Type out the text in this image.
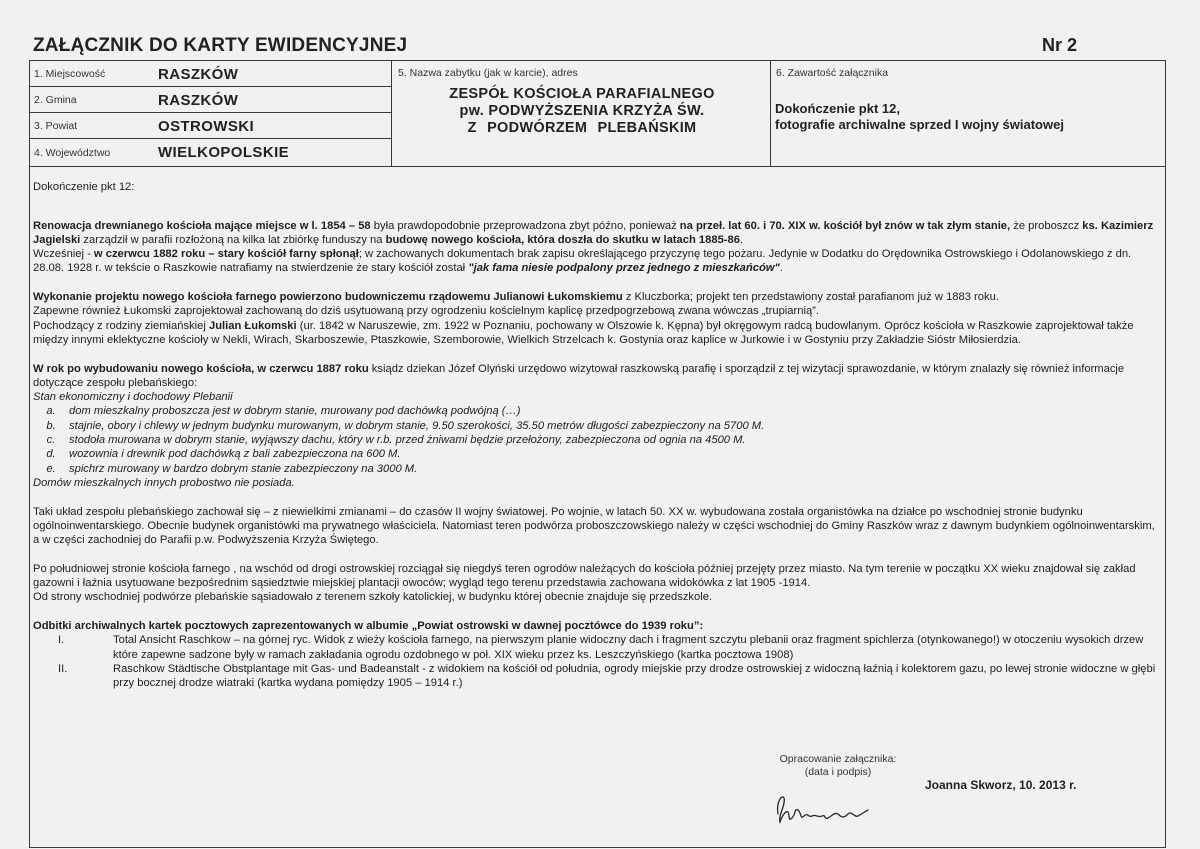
ZAŁĄCZNIK DO KARTY EWIDENCYJNEJ	Nr 2
1. Miejscowość	RASZKÓW
2. Gmina	RASZKÓW
3. Powiat	OSTROWSKI
4. Województwo	WIELKOPOLSKIE
5. Nazwa zabytku (jak w karcie), adres
ZESPÓŁ KOŚCIOŁA PARAFIALNEGO
pw. PODWYŻSZENIA KRZYŻA ŚW.
Z PODWÓRZEM PLEBAŃSKIM
6. Zawartość załącznika
Dokończenie pkt 12,
fotografie archiwalne sprzed I wojny światowej

Dokończenie pkt 12:

Renowacja drewnianego kościoła mające miejsce w l. 1854 – 58 była prawdopodobnie przeprowadzona zbyt późno, ponieważ na przeł. lat 60. i 70. XIX w. kościół był znów w tak złym stanie, że proboszcz ks. Kazimierz Jagielski zarządził w parafii rozłożoną na kilka lat zbiórkę funduszy na budowę nowego kościoła, która doszła do skutku w latach 1885-86.
Wcześniej - w czerwcu 1882 roku – stary kościół farny spłonął; w zachowanych dokumentach brak zapisu określającego przyczynę tego pożaru. Jedynie w Dodatku do Orędownika Ostrowskiego i Odolanowskiego z dn. 28.08. 1928 r. w tekście o Raszkowie natrafiamy na stwierdzenie że stary kościół został "jak fama niesie podpalony przez jednego z mieszkańców".

Wykonanie projektu nowego kościoła farnego powierzono budowniczemu rządowemu Julianowi Łukomskiemu z Kluczborka; projekt ten przedstawiony został parafianom już w 1883 roku.
Zapewne również Łukomski zaprojektował zachowaną do dziś usytuowaną przy ogrodzeniu kościelnym kaplicę przedpogrzebową zwana wówczas „trupiarnią”.
Pochodzący z rodziny ziemiańskiej Julian Łukomski (ur. 1842 w Naruszewie, zm. 1922 w Poznaniu, pochowany w Olszowie k. Kępna) był okręgowym radcą budowlanym. Oprócz kościoła w Raszkowie zaprojektował także między innymi eklektyczne kościoły w Nekli, Wirach, Skarboszewie, Ptaszkowie, Szemborowie, Wielkich Strzelcach k. Gostynia oraz kaplice w Jurkowie i w Gostyniu przy Zakładzie Sióstr Miłosierdzia.

W rok po wybudowaniu nowego kościoła, w czerwcu 1887 roku ksiądz dziekan Józef Olyński urzędowo wizytował raszkowską parafię i sporządził z tej wizytacji sprawozdanie, w którym znalazły się również informacje dotyczące zespołu plebańskiego:

Stan ekonomiczny i dochodowy Plebanii

a.	dom mieszkalny proboszcza jest w dobrym stanie, murowany pod dachówką podwójną (…)
b.	stajnie, obory i chlewy w jednym budynku murowanym, w dobrym stanie, 9.50 szerokości, 35.50 metrów długości zabezpieczony na 5700 M.
c.	stodoła murowana w dobrym stanie, wyjąwszy dachu, który w r.b. przed żniwami będzie przełożony, zabezpieczona od ognia na 4500 M.
d.	wozownia i drewnik pod dachówką z bali zabezpieczona na 600 M.
e.	spichrz murowany w bardzo dobrym stanie zabezpieczony na 3000 M.

Domów mieszkalnych innych probostwo nie posiada.

Taki układ zespołu plebańskiego zachował się – z niewielkimi zmianami – do czasów II wojny światowej. Po wojnie, w latach 50. XX w. wybudowana została organistówka na działce po wschodniej stronie budynku ogólnoinwentarskiego. Obecnie budynek organistówki ma prywatnego właściciela. Natomiast teren podwórza proboszczowskiego należy w części wschodniej do Gminy Raszków wraz z dawnym budynkiem ogólnoinwentarskim, a w części zachodniej do Parafii p.w. Podwyższenia Krzyża Świętego.

Po południowej stronie kościoła farnego , na wschód od drogi ostrowskiej rozciągał się niegdyś teren ogrodów należących do kościoła później przejęty przez miasto. Na tym terenie w początku XX wieku znajdował się zakład gazowni i łaźnia usytuowane bezpośrednim sąsiedztwie miejskiej plantacji owoców; wygląd tego terenu przedstawia zachowana widokówka z lat 1905 -1914.

Od strony wschodniej podwórze plebańskie sąsiadowało z terenem szkoły katolickiej, w budynku której obecnie znajduje się przedszkole.

Odbitki archiwalnych kartek pocztowych zaprezentowanych w albumie „Powiat ostrowski w dawnej pocztówce do 1939 roku”:

I.	Total Ansicht Raschkow – na górnej ryc. Widok z wieży kościoła farnego, na pierwszym planie widoczny dach i fragment szczytu plebanii oraz fragment spichlerza (otynkowanego!) w otoczeniu wysokich drzew które zapewne sadzone były w ramach zakładania ogrodu ozdobnego w poł. XIX wieku przez ks. Leszczyńskiego (kartka pocztowa 1908)
II.	Raschkow Städtische Obstplantage mit Gas- und Badeanstalt - z widokiem na kościół od południa, ogrody miejskie przy drodze ostrowskiej z widoczną łaźnią i kolektorem gazu, po lewej stronie widoczne w głębi przy bocznej drodze wiatraki (kartka wydana pomiędzy 1905 – 1914 r.)
Opracowanie załącznika:
(data i podpis)
Joanna Skworz, 10. 2013 r.
